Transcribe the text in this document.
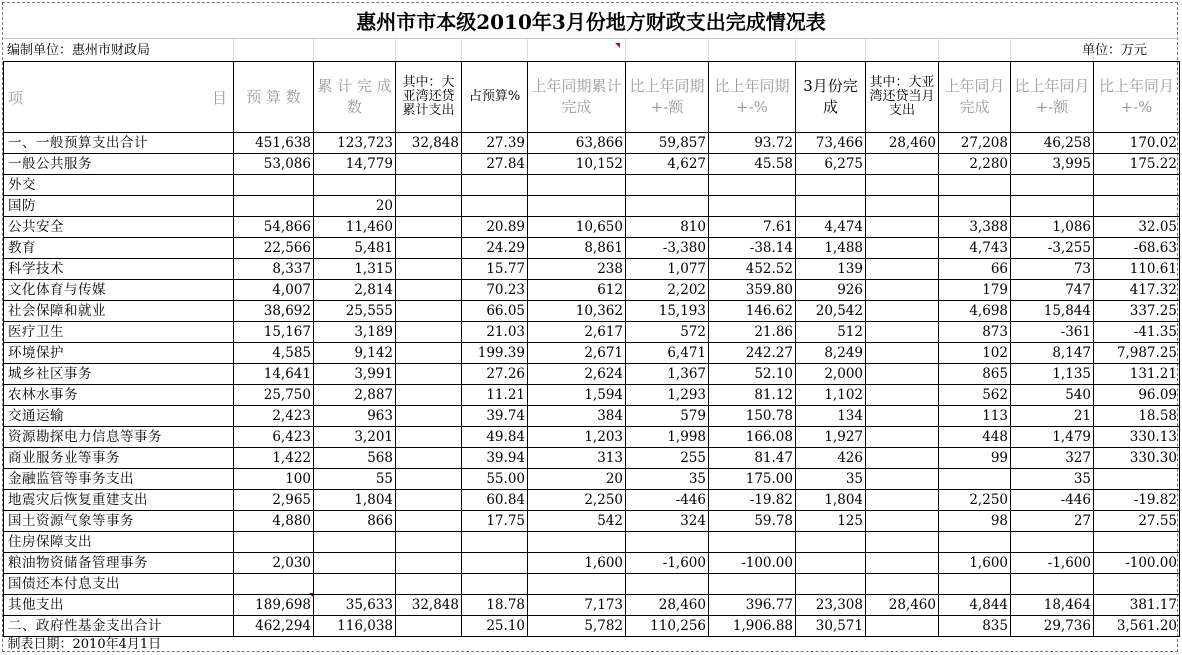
惠州市市本级2010年3月份地方财政支出完成情况表
编制单位：惠州市财政局	单位：万元
项 目	预 算 数	累 计 完 成 数	其中：大亚湾还贷累计支出	占预算%	上年同期累计完成	比上年同期+-额	比上年同期+-%	3月份完成	其中：大亚湾还贷当月支出	上年同月完成	比上年同月+-额	比上年同月+-%
一、一般预算支出合计	451,638	123,723	32,848	27.39	63,866	59,857	93.72	73,466	28,460	27,208	46,258	170.02
一般公共服务	53,086	14,779		27.84	10,152	4,627	45.58	6,275		2,280	3,995	175.22
外交												
国防		20										
公共安全	54,866	11,460		20.89	10,650	810	7.61	4,474		3,388	1,086	32.05
教育	22,566	5,481		24.29	8,861	-3,380	-38.14	1,488		4,743	-3,255	-68.63
科学技术	8,337	1,315		15.77	238	1,077	452.52	139		66	73	110.61
文化体育与传媒	4,007	2,814		70.23	612	2,202	359.80	926		179	747	417.32
社会保障和就业	38,692	25,555		66.05	10,362	15,193	146.62	20,542		4,698	15,844	337.25
医疗卫生	15,167	3,189		21.03	2,617	572	21.86	512		873	-361	-41.35
环境保护	4,585	9,142		199.39	2,671	6,471	242.27	8,249		102	8,147	7,987.25
城乡社区事务	14,641	3,991		27.26	2,624	1,367	52.10	2,000		865	1,135	131.21
农林水事务	25,750	2,887		11.21	1,594	1,293	81.12	1,102		562	540	96.09
交通运输	2,423	963		39.74	384	579	150.78	134		113	21	18.58
资源勘探电力信息等事务	6,423	3,201		49.84	1,203	1,998	166.08	1,927		448	1,479	330.13
商业服务业等事务	1,422	568		39.94	313	255	81.47	426		99	327	330.30
金融监管等事务支出	100	55		55.00	20	35	175.00	35			35	
地震灾后恢复重建支出	2,965	1,804		60.84	2,250	-446	-19.82	1,804		2,250	-446	-19.82
国土资源气象等事务	4,880	866		17.75	542	324	59.78	125		98	27	27.55
住房保障支出												
粮油物资储备管理事务	2,030				1,600	-1,600	-100.00			1,600	-1,600	-100.00
国债还本付息支出												
其他支出	189,698	35,633	32,848	18.78	7,173	28,460	396.77	23,308	28,460	4,844	18,464	381.17
二、政府性基金支出合计	462,294	116,038		25.10	5,782	110,256	1,906.88	30,571		835	29,736	3,561.20
制表日期：2010年4月1日												
